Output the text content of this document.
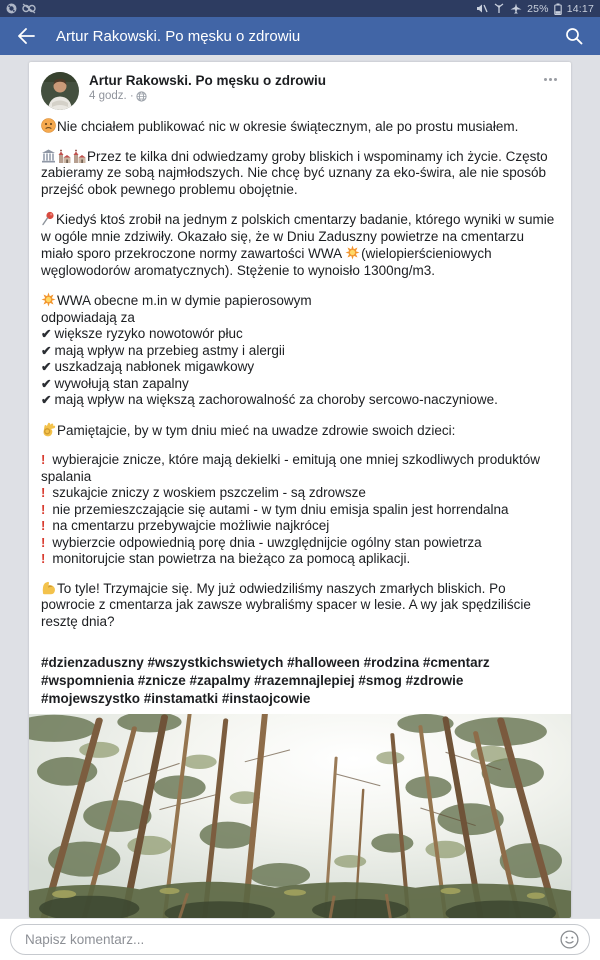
25% 14:17
Artur Rakowski. Po męsku o zdrowiu
Artur Rakowski. Po męsku o zdrowiu
4 godz. ·

Nie chciałem publikować nic w okresie świątecznym, ale po prostu musiałem.

Przez te kilka dni odwiedzamy groby bliskich i wspominamy ich życie. Często zabieramy ze sobą najmłodszych. Nie chcę być uznany za eko-świra, ale nie sposób przejść obok pewnego problemu obojętnie.

Kiedyś ktoś zrobił na jednym z polskich cmentarzy badanie, którego wyniki w sumie w ogóle mnie zdziwiły. Okazało się, że w Dniu Zaduszny powietrze na cmentarzu miało sporo przekroczone normy zawartości WWA
(wielopierścieniowych węglowodorów aromatycznych). Stężenie to wynoisło 1300ng/m3.

WWA obecne m.in w dymie papierosowym
odpowiadają za
✔ większe ryzyko nowotowór płuc
✔ mają wpływ na przebieg astmy i alergii
✔ uszkadzają nabłonek migawkowy
✔ wywołują stan zapalny
✔ mają wpływ na większą zachorowalność za choroby sercowo-naczyniowe.

Pamiętajcie, by w tym dniu mieć na uwadze zdrowie swoich dzieci:

! wybierajcie znicze, które mają dekielki - emitują one mniej szkodliwych produktów spalania
! szukajcie zniczy z woskiem pszczelim - są zdrowsze
! nie przemieszczającie się autami - w tym dniu emisja spalin jest horrendalna
! na cmentarzu przebywajcie możliwie najkrócej
! wybierzcie odpowiednią porę dnia - uwzględnijcie ogólny stan powietrza
! monitorujcie stan powietrza na bieżąco za pomocą aplikacji.

To tyle! Trzymajcie się. My już odwiedziliśmy naszych zmarłych bliskich. Po powrocie z cmentarza jak zawsze wybraliśmy spacer w lesie. A wy jak spędziliście resztę dnia?

#dzienzaduszny #wszystkichswietych #halloween #rodzina #cmentarz #wspomnienia #znicze #zapalmy #razemnajlepiej #smog #zdrowie #mojewszystko #instamatki #instaojcowie

Napisz komentarz...
